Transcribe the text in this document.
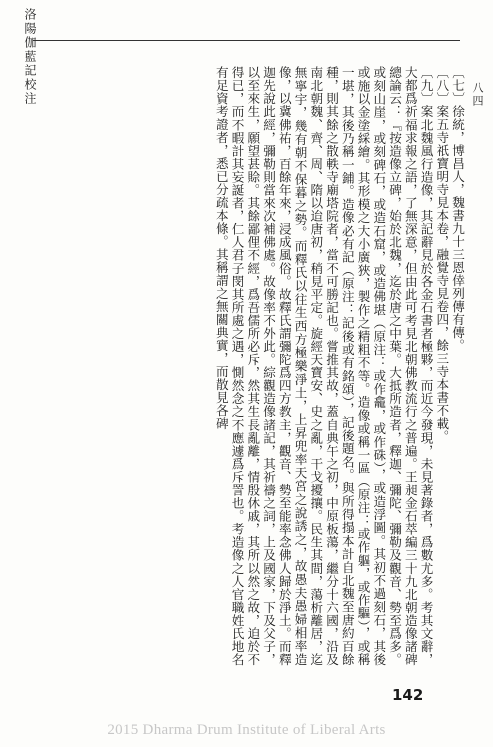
八四
洛陽伽藍記校注

〔七〕徐統，博昌人，魏書九十三恩倖列傳有傳。

〔八〕案五寺祇寶明寺見本卷，融覺寺見卷四，餘三寺本書不載。

〔九〕案北魏風行造像，其記辭見於各金石書者極夥，而近今發現，未見著錄者，爲數尤多。考其文辭，大都爲祈福求報之語，了無深意，但由此可考見北朝佛教流行之普遍。王昶金石萃編三十九北朝造像諸碑總論云：『按造像立碑，始於北魏，迄於唐之中葉。大抵所造者，釋迦、彌陀、彌勒及觀音、勢至爲多。或刻山崖，或刻碑石，或造石窟，或造佛堪（原注：或作龕，或作硃），或造浮圖。其初不過刻石，其後或施以金塗綵繪。其形模之大小廣狹，製作之精粗不等。造像或稱一區（原注：或作軀，或作驅），或稱一堪，其後乃稱一鋪。造像必有記（原注：記後或有銘頌），記後題名。與所得搨本計自北魏至唐約百餘種，則其餘之散軼寺廟塔院者，當不可勝記也。嘗推其故，蓋自典午之初，中原板蕩，繼分十六國，沿及南北朝魏、齊、周、隋以迨唐初，稍見平定。旋經天寶安、史之亂，干戈擾攘。民生其間，蕩析離居，迄無寧宇，幾有朝不保暮之勢。而釋氏以往生西方極樂淨土，上昇兜率天宮之說誘之，故愚夫愚婦相率造像，以冀佛祐，百餘年來，浸成風俗。故釋氏謂彌陀爲四方教主，觀音、勢至能率念佛人歸於淨土。而釋迦先說此經，彌勒則當來次補佛處。故像率不外此。綜觀造像諸記，其祈禱之詞，上及國家，下及父子，以至來生，願望甚賒。其餘鄙俚不經，爲吾儒所必斥，然其生長亂離，情殷休戚，其所以然之故，迫於不得已，而不暇計其妄誕者，仁人君子閔其所處之遇，惻然念之不應遽爲斥詈也。考造像之人官職姓氏地名有足資考證者，悉已分疏本條。其稱謂之無關典實，而散見各碑

142
2015 Dharma Drum Institute of Liberal Arts
